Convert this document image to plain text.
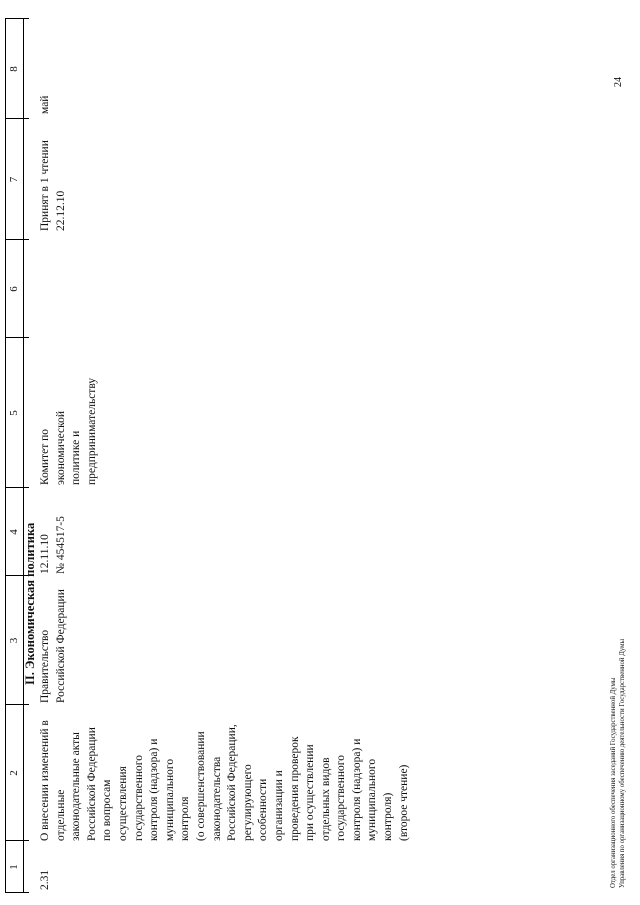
1
2
3
4
5
6
7
8
II. Экономическая политика
2.31
О внесении изменений в отдельные законодательные акты Российской Федерации по вопросам осуществления государственного контроля (надзора) и муниципального контроля (о совершенствовании законодательства Российской Федерации, регулирующего особенности организации и проведения проверок при осуществлении отдельных видов государственного контроля (надзора) и муниципального контроля) (второе чтение)
Правительство Российской Федерации
12.11.10 № 454517-5
Комитет по экономической политике и предпринимательству
Принят в 1 чтении 22.12.10
май
Отдел организационного обеспечения заседаний Государственной Думы Управления по организационному обеспечению деятельности Государственной Думы
24
